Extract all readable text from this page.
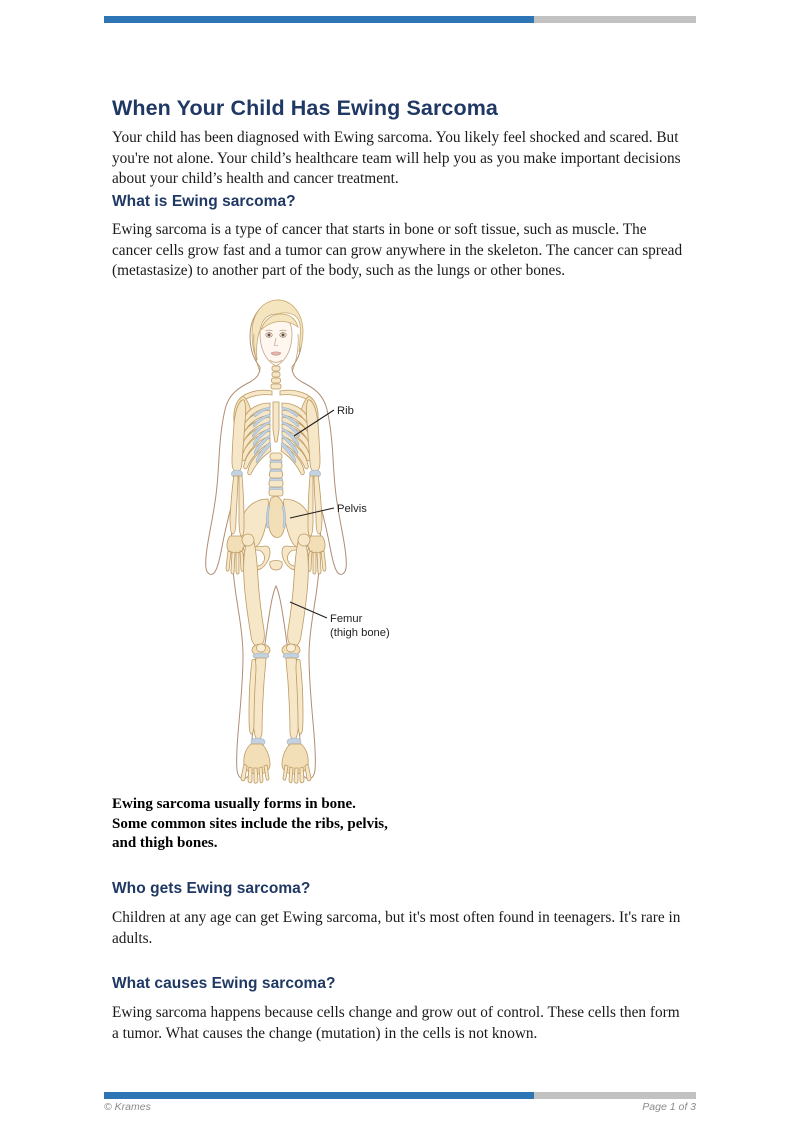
When Your Child Has Ewing Sarcoma

Your child has been diagnosed with Ewing sarcoma. You likely feel shocked and scared. But you're not alone. Your child’s healthcare team will help you as you make important decisions about your child’s health and cancer treatment.

What is Ewing sarcoma?

Ewing sarcoma is a type of cancer that starts in bone or soft tissue, such as muscle. The cancer cells grow fast and a tumor can grow anywhere in the skeleton. The cancer can spread (metastasize) to another part of the body, such as the lungs or other bones.

Rib
Pelvis
Femur
(thigh bone)

Ewing sarcoma usually forms in bone.

Some common sites include the ribs, pelvis,

and thigh bones.

Who gets Ewing sarcoma?

Children at any age can get Ewing sarcoma, but it's most often found in teenagers. It's rare in adults.

What causes Ewing sarcoma?

Ewing sarcoma happens because cells change and grow out of control. These cells then form a tumor. What causes the change (mutation) in the cells is not known.

© Krames	Page 1 of 3
